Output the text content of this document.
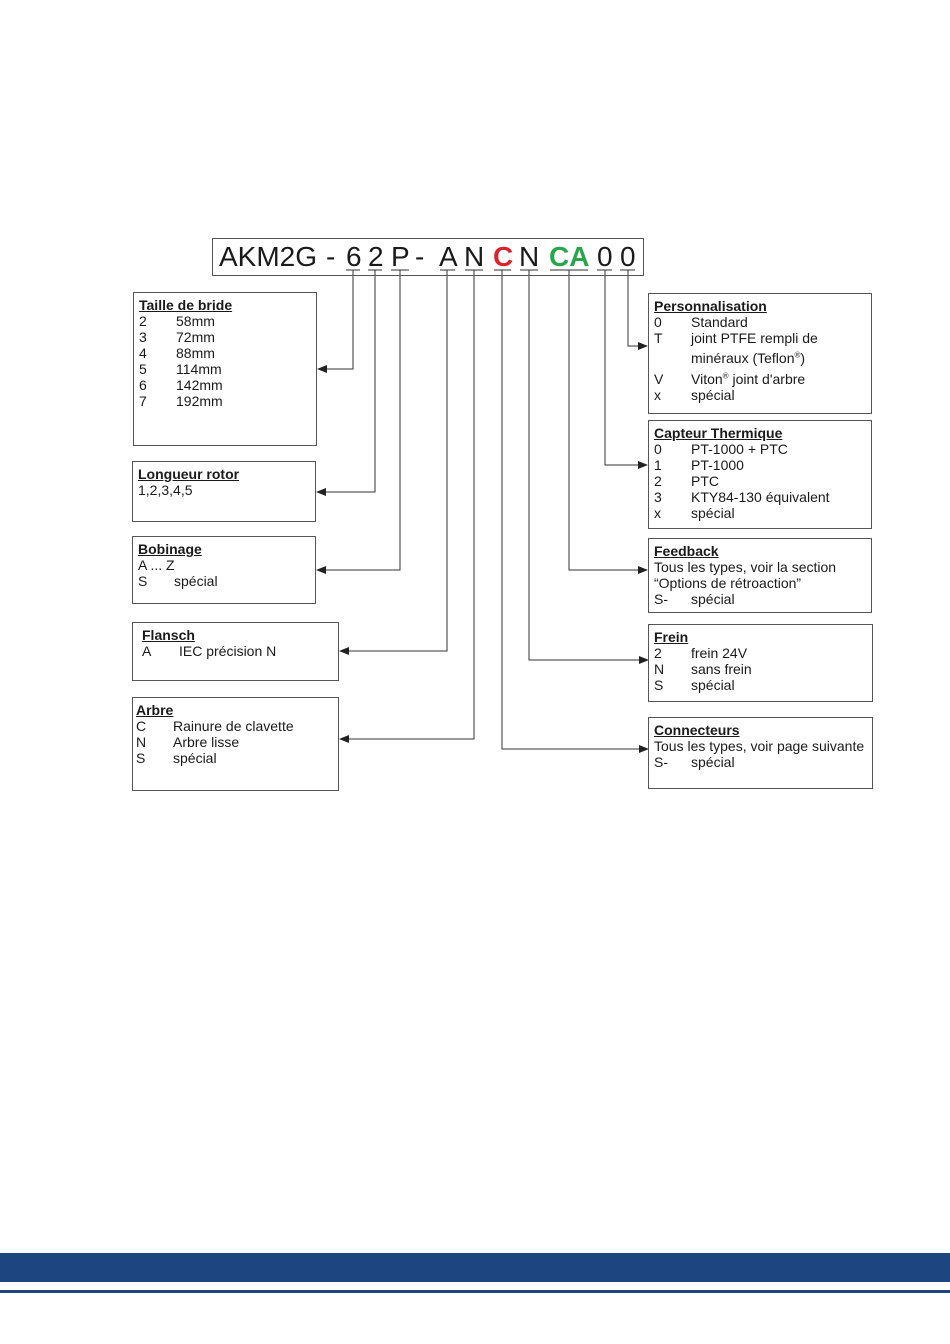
AKM2G - 6 2 P - A N C N CA 0 0
Taille de bride
2	58mm
3	72mm
4	88mm
5	114mm
6	142mm
7	192mm
Longueur rotor
1,2,3,4,5
Bobinage
A ... Z
S	spécial
Flansch
A	IEC précision N
Arbre
C	Rainure de clavette
N	Arbre lisse
S	spécial
Personnalisation
0	Standard
T	joint PTFE rempli de
minéraux (Teflon®)
V	Viton® joint d'arbre
x	spécial
Capteur Thermique
0	PT-1000 + PTC
1	PT-1000
2	PTC
3	KTY84-130 équivalent
x	spécial
Feedback
Tous les types, voir la section
“Options de rétroaction”
S-	spécial
Frein
2	frein 24V
N	sans frein
S	spécial
Connecteurs
Tous les types, voir page suivante
S-	spécial
